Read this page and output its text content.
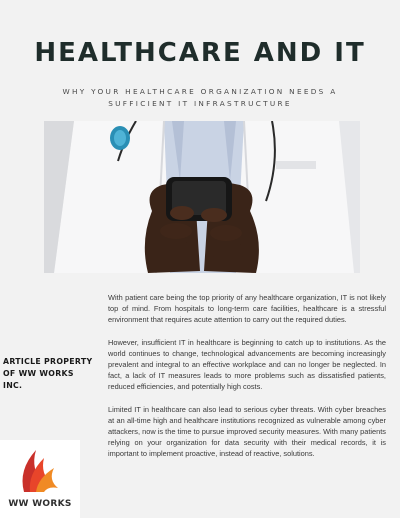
HEALTHCARE AND IT
WHY YOUR HEALTHCARE ORGANIZATION NEEDS A SUFFICIENT IT INFRASTRUCTURE

With patient care being the top priority of any healthcare organization, IT is not likely top of mind. From hospitals to long-term care facilities, healthcare is a stressful environment that requires acute attention to carry out the required duties.

However, insufficient IT in healthcare is beginning to catch up to institutions. As the world continues to change, technological advancements are becoming increasingly prevalent and integral to an effective workplace and can no longer be neglected. In fact, a lack of IT measures leads to more problems such as dissatisfied patients, reduced efficiencies, and potentially high costs.

Limited IT in healthcare can also lead to serious cyber threats. With cyber breaches at an all-time high and healthcare institutions recognized as vulnerable among cyber attackers, now is the time to pursue improved security measures. With many patients relying on your organization for data security with their medical records, it is important to implement proactive, instead of reactive, solutions.

ARTICLE PROPERTY OF WW WORKS INC.
WW WORKS
